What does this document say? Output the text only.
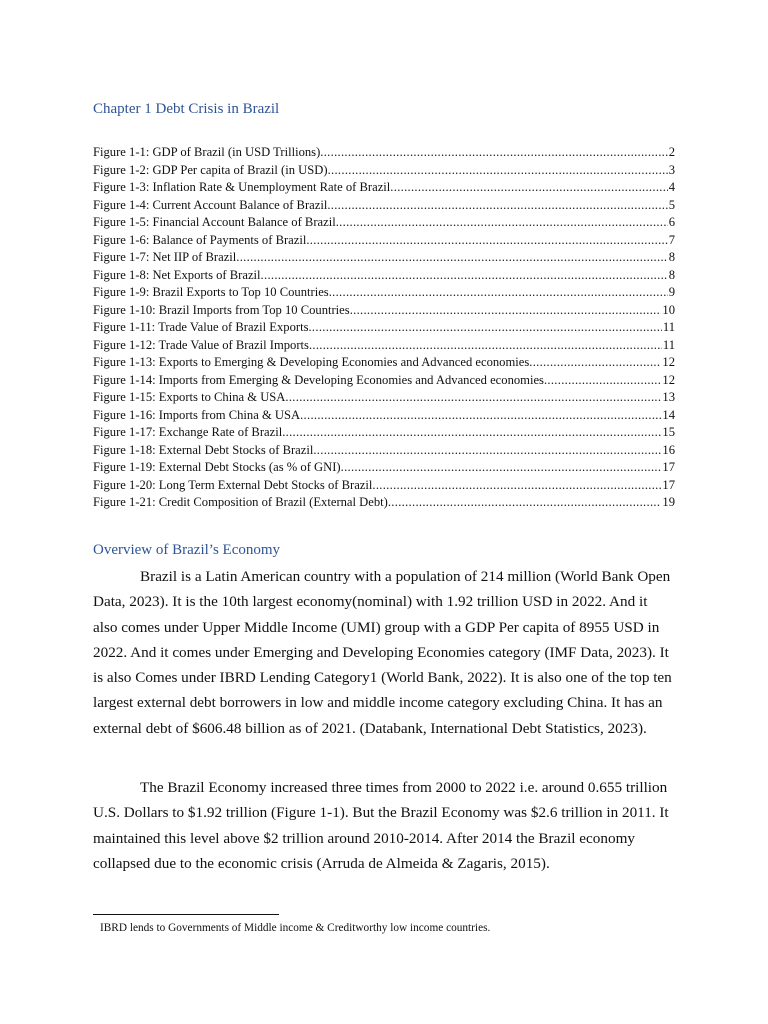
Chapter 1 Debt Crisis in Brazil
Figure 1-1: GDP of Brazil (in USD Trillions) .....	2
Figure 1-2: GDP Per capita of Brazil (in USD) .....	3
Figure 1-3: Inflation Rate & Unemployment Rate of Brazil .....	4
Figure 1-4: Current Account Balance of Brazil .....	5
Figure 1-5: Financial Account Balance of Brazil .....	6
Figure 1-6: Balance of Payments of Brazil .....	7
Figure 1-7: Net IIP of Brazil .....	8
Figure 1-8: Net Exports of Brazil .....	8
Figure 1-9: Brazil Exports to Top 10 Countries .....	9
Figure 1-10: Brazil Imports from Top 10 Countries .....	10
Figure 1-11: Trade Value of Brazil Exports .....	11
Figure 1-12: Trade Value of Brazil Imports .....	11
Figure 1-13: Exports to Emerging & Developing Economies and Advanced economies .....	12
Figure 1-14: Imports from Emerging & Developing Economies and Advanced economies .....	12
Figure 1-15: Exports to China & USA .....	13
Figure 1-16: Imports from China & USA .....	14
Figure 1-17: Exchange Rate of Brazil .....	15
Figure 1-18: External Debt Stocks of Brazil .....	16
Figure 1-19: External Debt Stocks (as % of GNI) .....	17
Figure 1-20: Long Term External Debt Stocks of Brazil .....	17
Figure 1-21: Credit Composition of Brazil (External Debt) .....	19
Overview of Brazil’s Economy

Brazil is a Latin American country with a population of 214 million (World Bank Open Data, 2023). It is the 10th largest economy(nominal) with 1.92 trillion USD in 2022. And it also comes under Upper Middle Income (UMI) group with a GDP Per capita of 8955 USD in 2022. And it comes under Emerging and Developing Economies category (IMF Data, 2023). It is also Comes under IBRD Lending Category1 (World Bank, 2022). It is also one of the top ten largest external debt borrowers in low and middle income category excluding China. It has an external debt of $606.48 billion as of 2021. (Databank, International Debt Statistics, 2023).

The Brazil Economy increased three times from 2000 to 2022 i.e. around 0.655 trillion U.S. Dollars to $1.92 trillion (Figure 1-1). But the Brazil Economy was $2.6 trillion in 2011. It maintained this level above $2 trillion around 2010-2014. After 2014 the Brazil economy collapsed due to the economic crisis (Arruda de Almeida & Zagaris, 2015).

IBRD lends to Governments of Middle income & Creditworthy low income countries.
